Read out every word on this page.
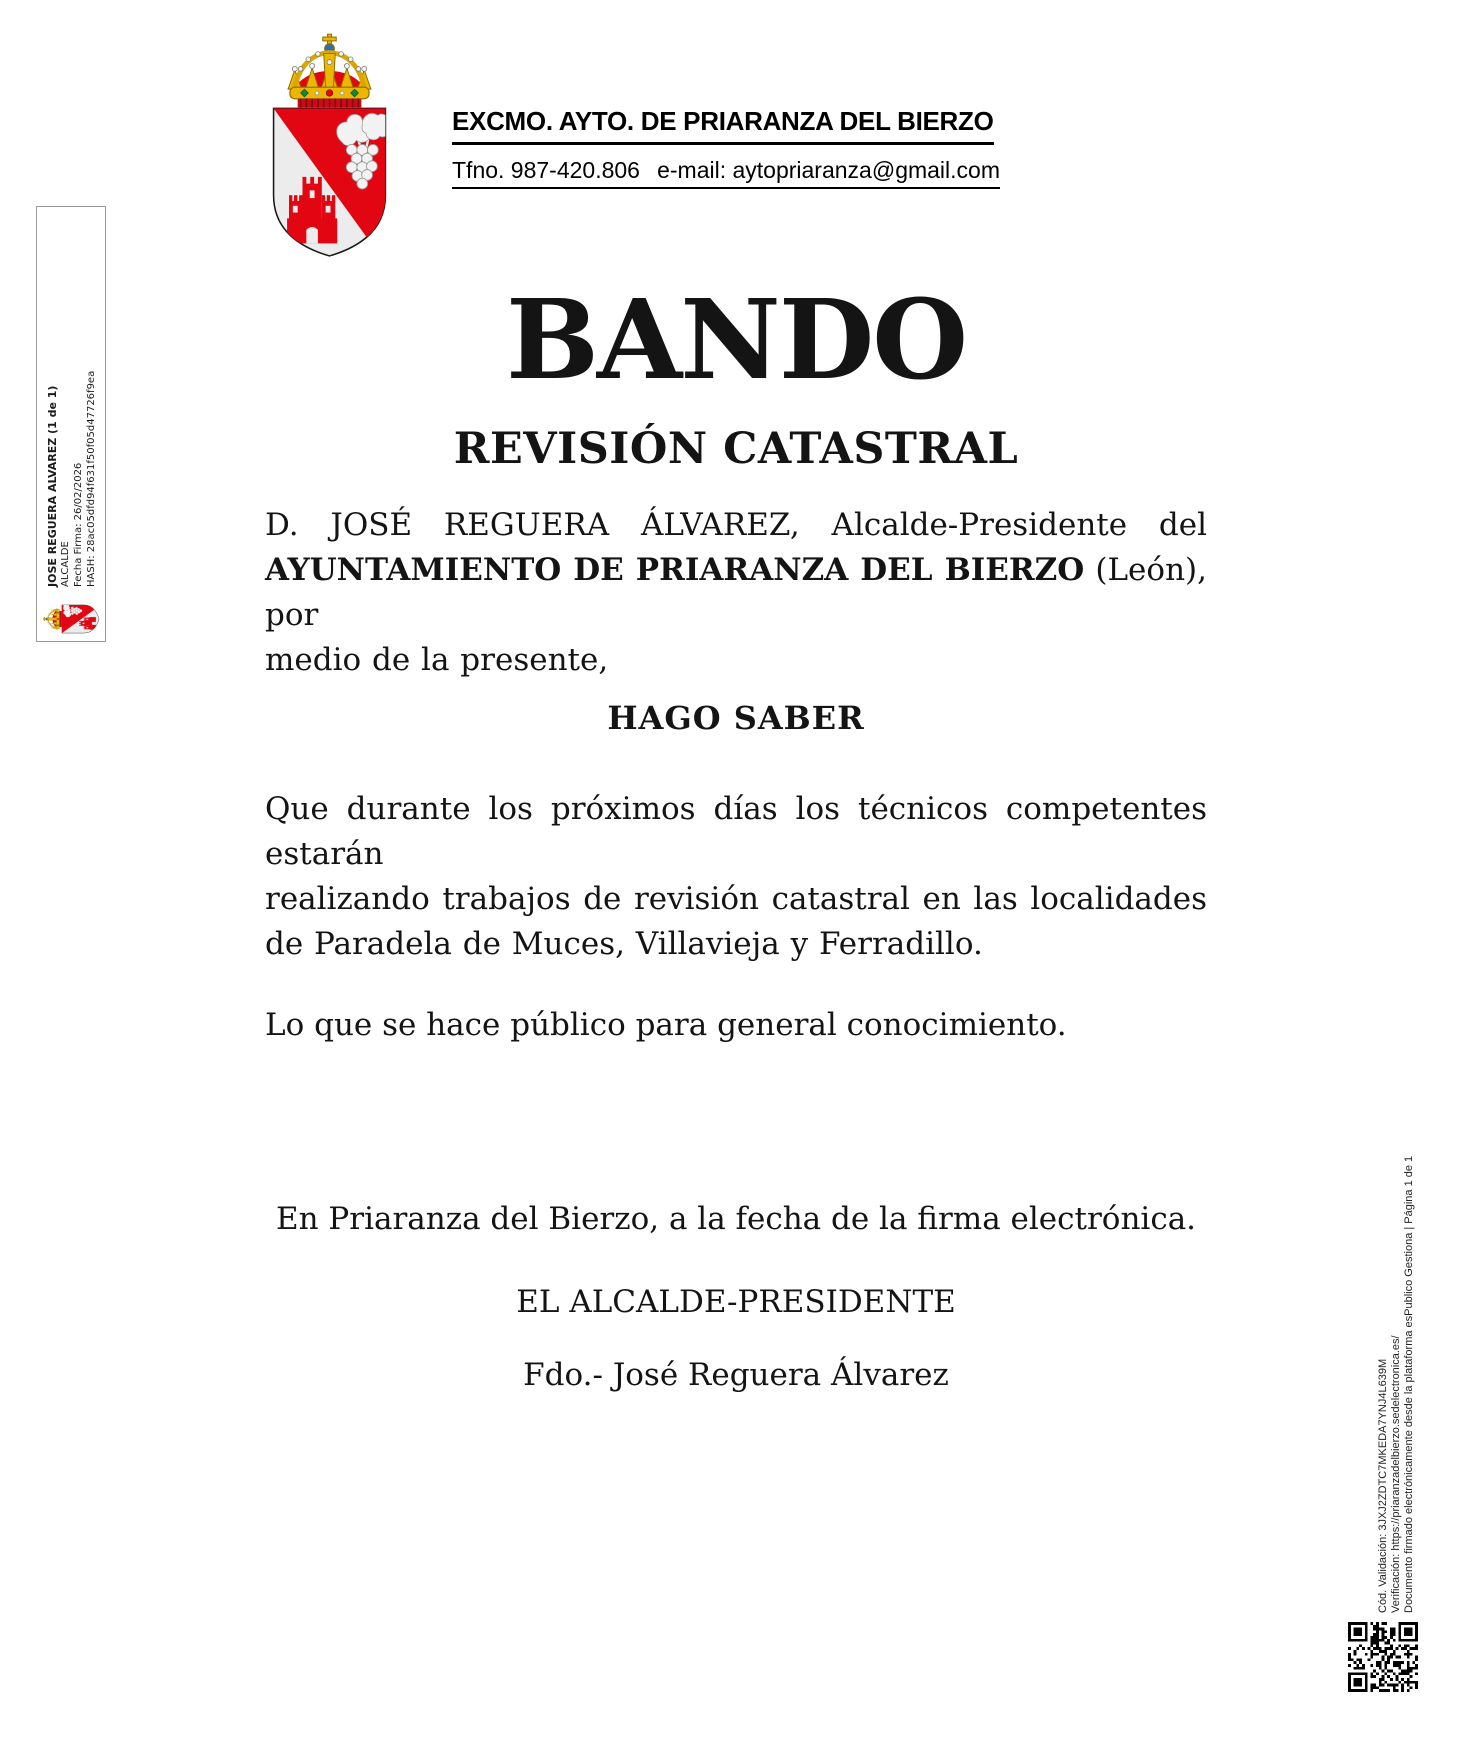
EXCMO. AYTO. DE PRIARANZA DEL BIERZO
Tfno. 987-420.806 e-mail: aytopriaranza@gmail.com
BANDO
REVISIÓN CATASTRAL
D. JOSÉ REGUERA ÁLVAREZ, Alcalde-Presidente del
AYUNTAMIENTO DE PRIARANZA DEL BIERZO (León), por
medio de la presente,
HAGO SABER
Que durante los próximos días los técnicos competentes estarán
realizando trabajos de revisión catastral en las localidades
de Paradela de Muces, Villavieja y Ferradillo.
Lo que se hace público para general conocimiento.
En Priaranza del Bierzo, a la fecha de la firma electrónica.
EL ALCALDE-PRESIDENTE
Fdo.- José Reguera Álvarez
JOSE REGUERA ALVAREZ (1 de 1) ALCALDE Fecha Firma: 26/02/2026 HASH: 28ac05dfd94f631f50f05d47726f9ea
Cód. Validación: 3JXJ2ZDTC7MKEDA7YNJ4L639M Verificación: https://priaranzadelbierzo.sedelectronica.es/ Documento firmado electrónicamente desde la plataforma esPublico Gestiona | Página 1 de 1
